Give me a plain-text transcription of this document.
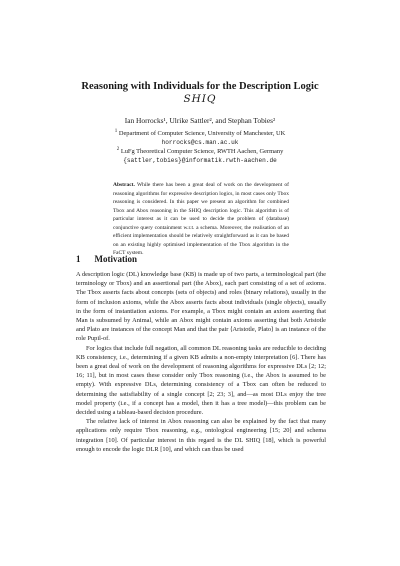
Reasoning with Individuals for the Description Logic
SHIQ
Ian Horrocks¹, Ulrike Sattler², and Stephan Tobies²
$^1$ Department of Computer Science, University of Manchester, UK
horrocks@cs.man.ac.uk
$^2$ LuFg Theoretical Computer Science, RWTH Aachen, Germany
{sattler,tobies}@informatik.rwth-aachen.de
Abstract. While there has been a great deal of work on the development of reasoning algorithms for expressive description logics, in most cases only Tbox reasoning is considered. In this paper we present an algorithm for combined Tbox and Abox reasoning in the SHIQ description logic. This algorithm is of particular interest as it can be used to decide the problem of (database) conjunctive query containment w.r.t. a schema. Moreover, the realisation of an efficient implementation should be relatively straightforward as it can be based on an existing highly optimised implementation of the Tbox algorithm in the FaCT system.
1 Motivation

A description logic (DL) knowledge base (KB) is made up of two parts, a terminological part (the terminology or Tbox) and an assertional part (the Abox), each part consisting of a set of axioms. The Tbox asserts facts about concepts (sets of objects) and roles (binary relations), usually in the form of inclusion axioms, while the Abox asserts facts about individuals (single objects), usually in the form of instantiation axioms. For example, a Tbox might contain an axiom asserting that Man is subsumed by Animal, while an Abox might contain axioms asserting that both Aristotle and Plato are instances of the concept Man and that the pair ⟨Aristotle, Plato⟩ is an instance of the role Pupil-of.

For logics that include full negation, all common DL reasoning tasks are reducible to deciding KB consistency, i.e., determining if a given KB admits a non-empty interpretation [6]. There has been a great deal of work on the development of reasoning algorithms for expressive DLs [2; 12; 16; 11], but in most cases these consider only Tbox reasoning (i.e., the Abox is assumed to be empty). With expressive DLs, determining consistency of a Tbox can often be reduced to determining the satisfiability of a single concept [2; 23; 3], and—as most DLs enjoy the tree model property (i.e., if a concept has a model, then it has a tree model)—this problem can be decided using a tableau-based decision procedure.

The relative lack of interest in Abox reasoning can also be explained by the fact that many applications only require Tbox reasoning, e.g., ontological engineering [15; 20] and schema integration [10]. Of particular interest in this regard is the DL SHIQ [18], which is powerful enough to encode the logic DLR [10], and which can thus be used
